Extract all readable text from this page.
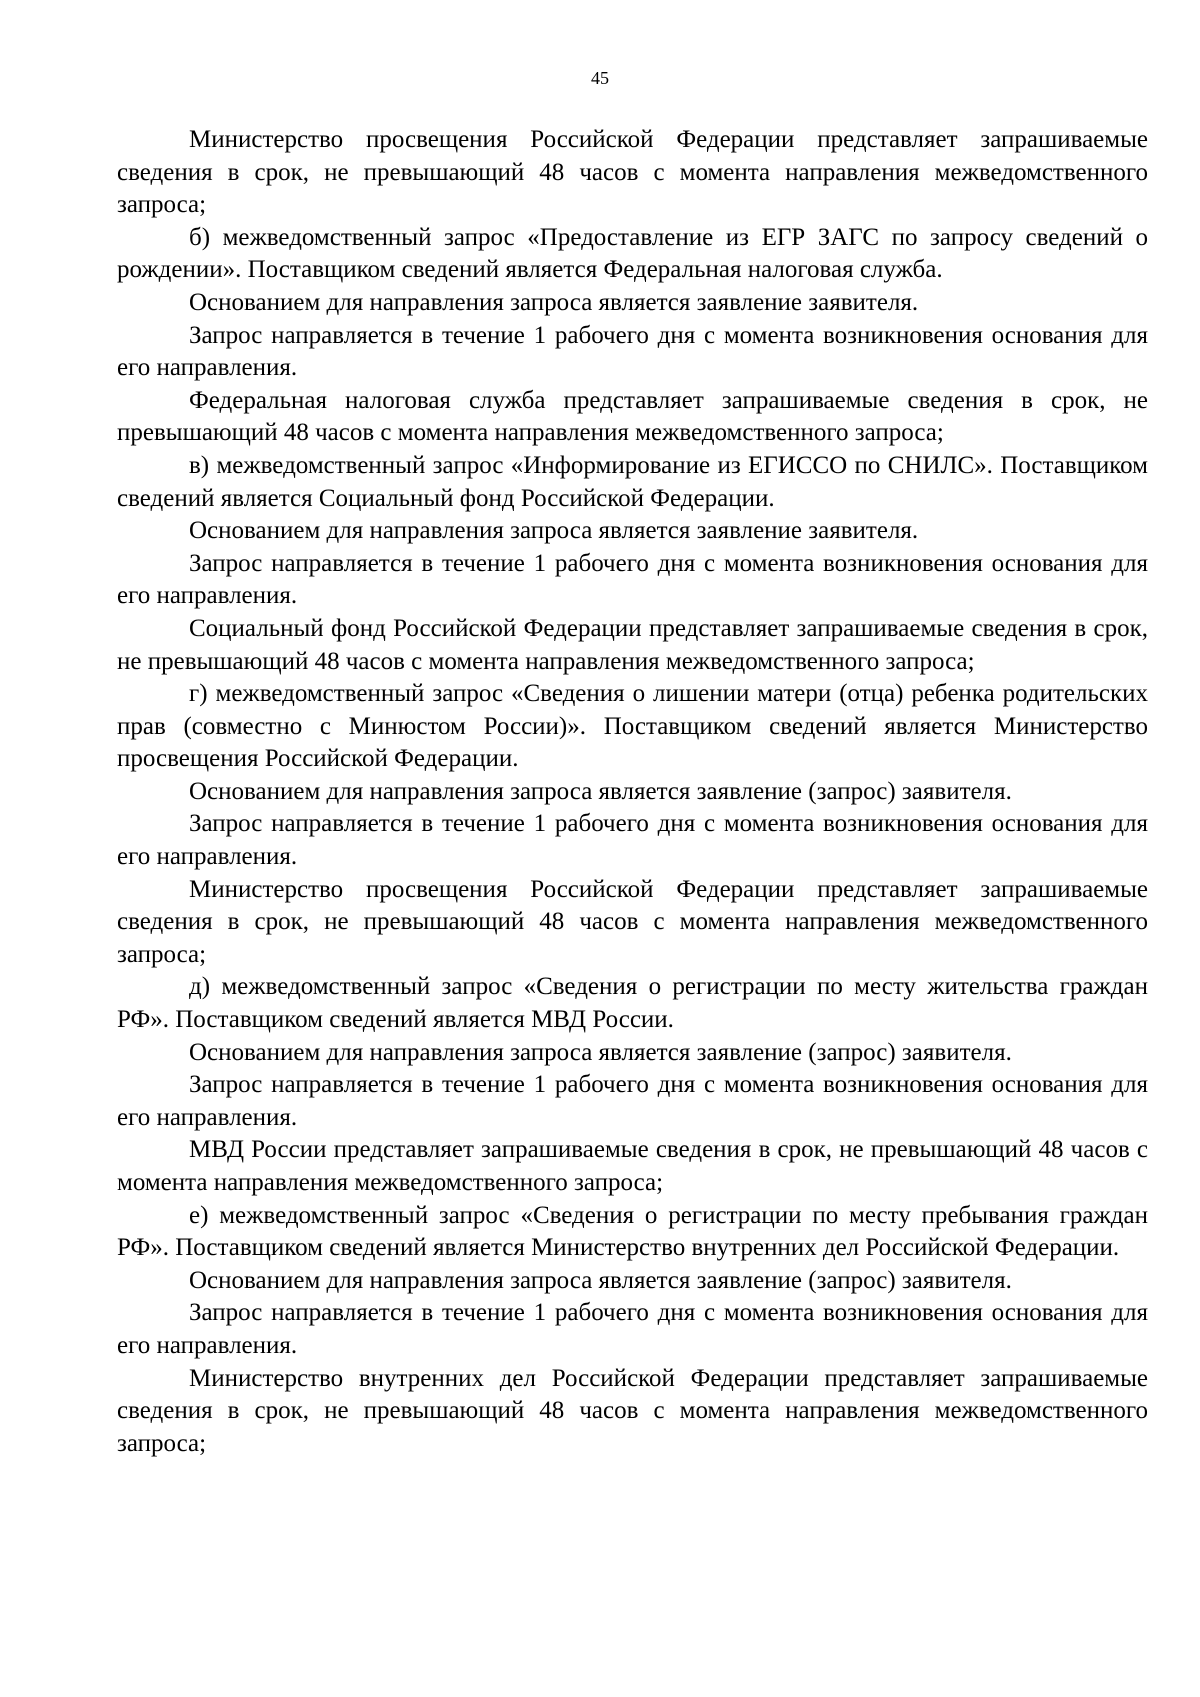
45

Министерство просвещения Российской Федерации представляет запрашиваемые сведения в срок, не превышающий 48 часов с момента направления межведомственного запроса;

б) межведомственный запрос «Предоставление из ЕГР ЗАГС по запросу сведений о рождении». Поставщиком сведений является Федеральная налоговая служба.

Основанием для направления запроса является заявление заявителя.

Запрос направляется в течение 1 рабочего дня с момента возникновения основания для его направления.

Федеральная налоговая служба представляет запрашиваемые сведения в срок, не превышающий 48 часов с момента направления межведомственного запроса;

в) межведомственный запрос «Информирование из ЕГИССО по СНИЛС». Поставщиком сведений является Социальный фонд Российской Федерации.

Основанием для направления запроса является заявление заявителя.

Запрос направляется в течение 1 рабочего дня с момента возникновения основания для его направления.

Социальный фонд Российской Федерации представляет запрашиваемые сведения в срок, не превышающий 48 часов с момента направления межведомственного запроса;

г) межведомственный запрос «Сведения о лишении матери (отца) ребенка родительских прав (совместно с Минюстом России)». Поставщиком сведений является Министерство просвещения Российской Федерации.

Основанием для направления запроса является заявление (запрос) заявителя.

Запрос направляется в течение 1 рабочего дня с момента возникновения основания для его направления.

Министерство просвещения Российской Федерации представляет запрашиваемые сведения в срок, не превышающий 48 часов с момента направления межведомственного запроса;

д) межведомственный запрос «Сведения о регистрации по месту жительства граждан РФ». Поставщиком сведений является МВД России.

Основанием для направления запроса является заявление (запрос) заявителя.

Запрос направляется в течение 1 рабочего дня с момента возникновения основания для его направления.

МВД России представляет запрашиваемые сведения в срок, не превышающий 48 часов с момента направления межведомственного запроса;

е) межведомственный запрос «Сведения о регистрации по месту пребывания граждан РФ». Поставщиком сведений является Министерство внутренних дел Российской Федерации.

Основанием для направления запроса является заявление (запрос) заявителя.

Запрос направляется в течение 1 рабочего дня с момента возникновения основания для его направления.

Министерство внутренних дел Российской Федерации представляет запрашиваемые сведения в срок, не превышающий 48 часов с момента направления межведомственного запроса;
